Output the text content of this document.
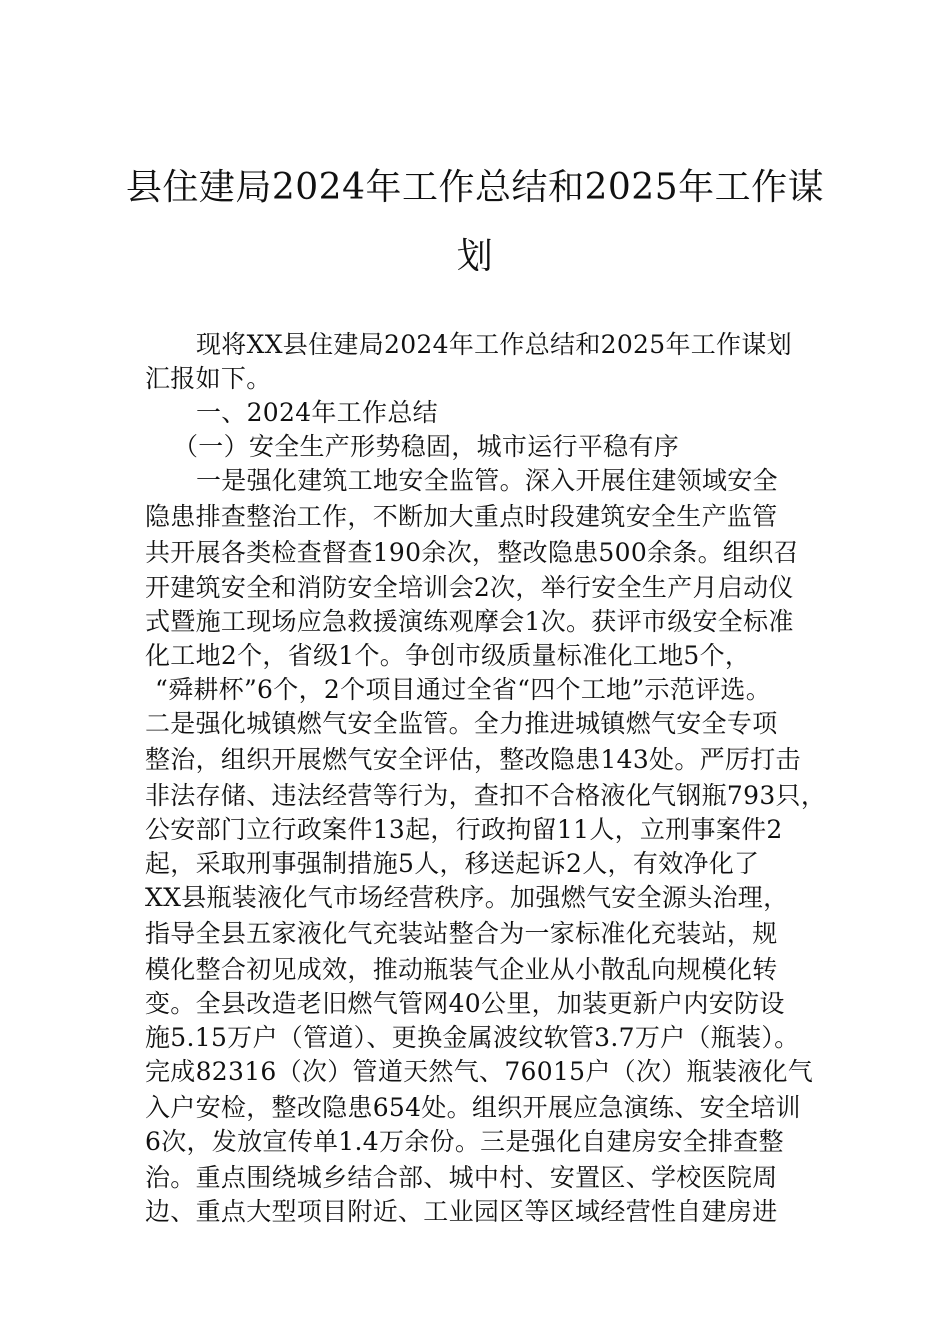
县住建局2024年工作总结和2025年工作谋
划
现将XX县住建局2024年工作总结和2025年工作谋划
汇报如下。
一、2024年工作总结
（一）安全生产形势稳固，城市运行平稳有序
一是强化建筑工地安全监管。深入开展住建领域安全
隐患排查整治工作，不断加大重点时段建筑安全生产监管
共开展各类检查督查190余次，整改隐患500余条。组织召
开建筑安全和消防安全培训会2次，举行安全生产月启动仪
式暨施工现场应急救援演练观摩会1次。获评市级安全标准
化工地2个，省级1个。争创市级质量标准化工地5个，
“舜耕杯”6个，2个项目通过全省“四个工地”示范评选。
二是强化城镇燃气安全监管。全力推进城镇燃气安全专项
整治，组织开展燃气安全评估，整改隐患143处。严厉打击
非法存储、违法经营等行为，查扣不合格液化气钢瓶793只，
公安部门立行政案件13起，行政拘留11人，立刑事案件2
起，采取刑事强制措施5人，移送起诉2人，有效净化了
XX县瓶装液化气市场经营秩序。加强燃气安全源头治理，
指导全县五家液化气充装站整合为一家标准化充装站，规
模化整合初见成效，推动瓶装气企业从小散乱向规模化转
变。全县改造老旧燃气管网40公里，加装更新户内安防设
施5.15万户（管道）、更换金属波纹软管3.7万户（瓶装）。
完成82316（次）管道天然气、76015户（次）瓶装液化气
入户安检，整改隐患654处。组织开展应急演练、安全培训
6次，发放宣传单1.4万余份。三是强化自建房安全排查整
治。重点围绕城乡结合部、城中村、安置区、学校医院周
边、重点大型项目附近、工业园区等区域经营性自建房进
